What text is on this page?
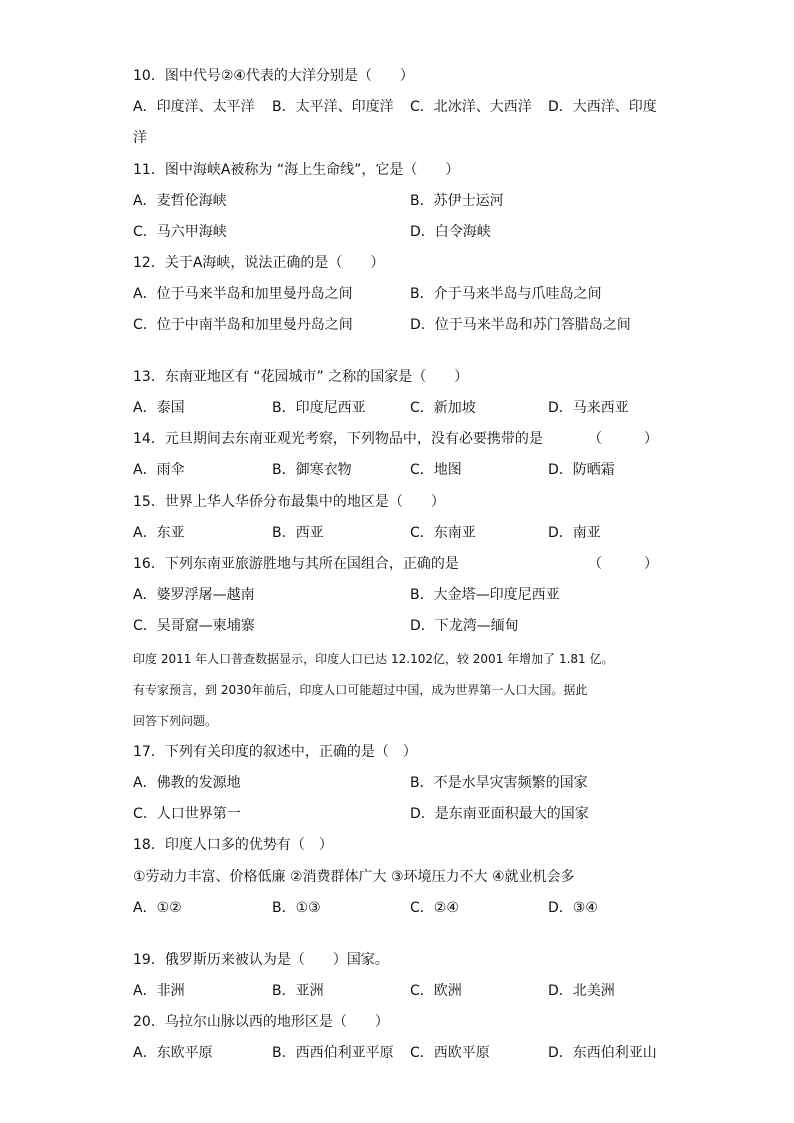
10．图中代号②④代表的大洋分别是（　　）
A．印度洋、太平洋 B．太平洋、印度洋 C．北冰洋、大西洋 D．大西洋、印度
洋
11．图中海峡A被称为 “海上生命线”，它是（　　）
A．麦哲伦海峡	B．苏伊士运河
C．马六甲海峡	D．白令海峡
12．关于A海峡，说法正确的是（　　）
A．位于马来半岛和加里曼丹岛之间	B．介于马来半岛与爪哇岛之间
C．位于中南半岛和加里曼丹岛之间	D．位于马来半岛和苏门答腊岛之间
13．东南亚地区有 “花园城市” 之称的国家是（　　）
A．泰国	B．印度尼西亚	C．新加坡	D．马来西亚
14．元旦期间去东南亚观光考察，下列物品中，没有必要携带的是	（　　　）
A．雨伞	B．御寒衣物	C．地图	D．防晒霜
15．世界上华人华侨分布最集中的地区是（　　）
A．东亚	B．西亚	C．东南亚	D．南亚
16．下列东南亚旅游胜地与其所在国组合，正确的是	（　　　）
A．婆罗浮屠—越南	B．大金塔—印度尼西亚
C．吴哥窟—柬埔寨	D．下龙湾—缅甸
印度 2011 年人口普查数据显示，印度人口已达 12.102亿，较 2001 年增加了 1.81 亿。
有专家预言，到 2030年前后，印度人口可能超过中国，成为世界第一人口大国。据此
回答下列问题。
17．下列有关印度的叙述中，正确的是（　）
A．佛教的发源地	B．不是水旱灾害频繁的国家
C．人口世界第一	D．是东南亚面积最大的国家
18．印度人口多的优势有（　）
①劳动力丰富、价格低廉 ②消费群体广大 ③环境压力不大 ④就业机会多
A．①②	B．①③	C．②④	D．③④
19．俄罗斯历来被认为是（　　）国家。
A．非洲	B．亚洲	C．欧洲	D．北美洲
20．乌拉尔山脉以西的地形区是（　　）
A．东欧平原	B．西西伯利亚平原 C．西欧平原	D．东西伯利亚山
